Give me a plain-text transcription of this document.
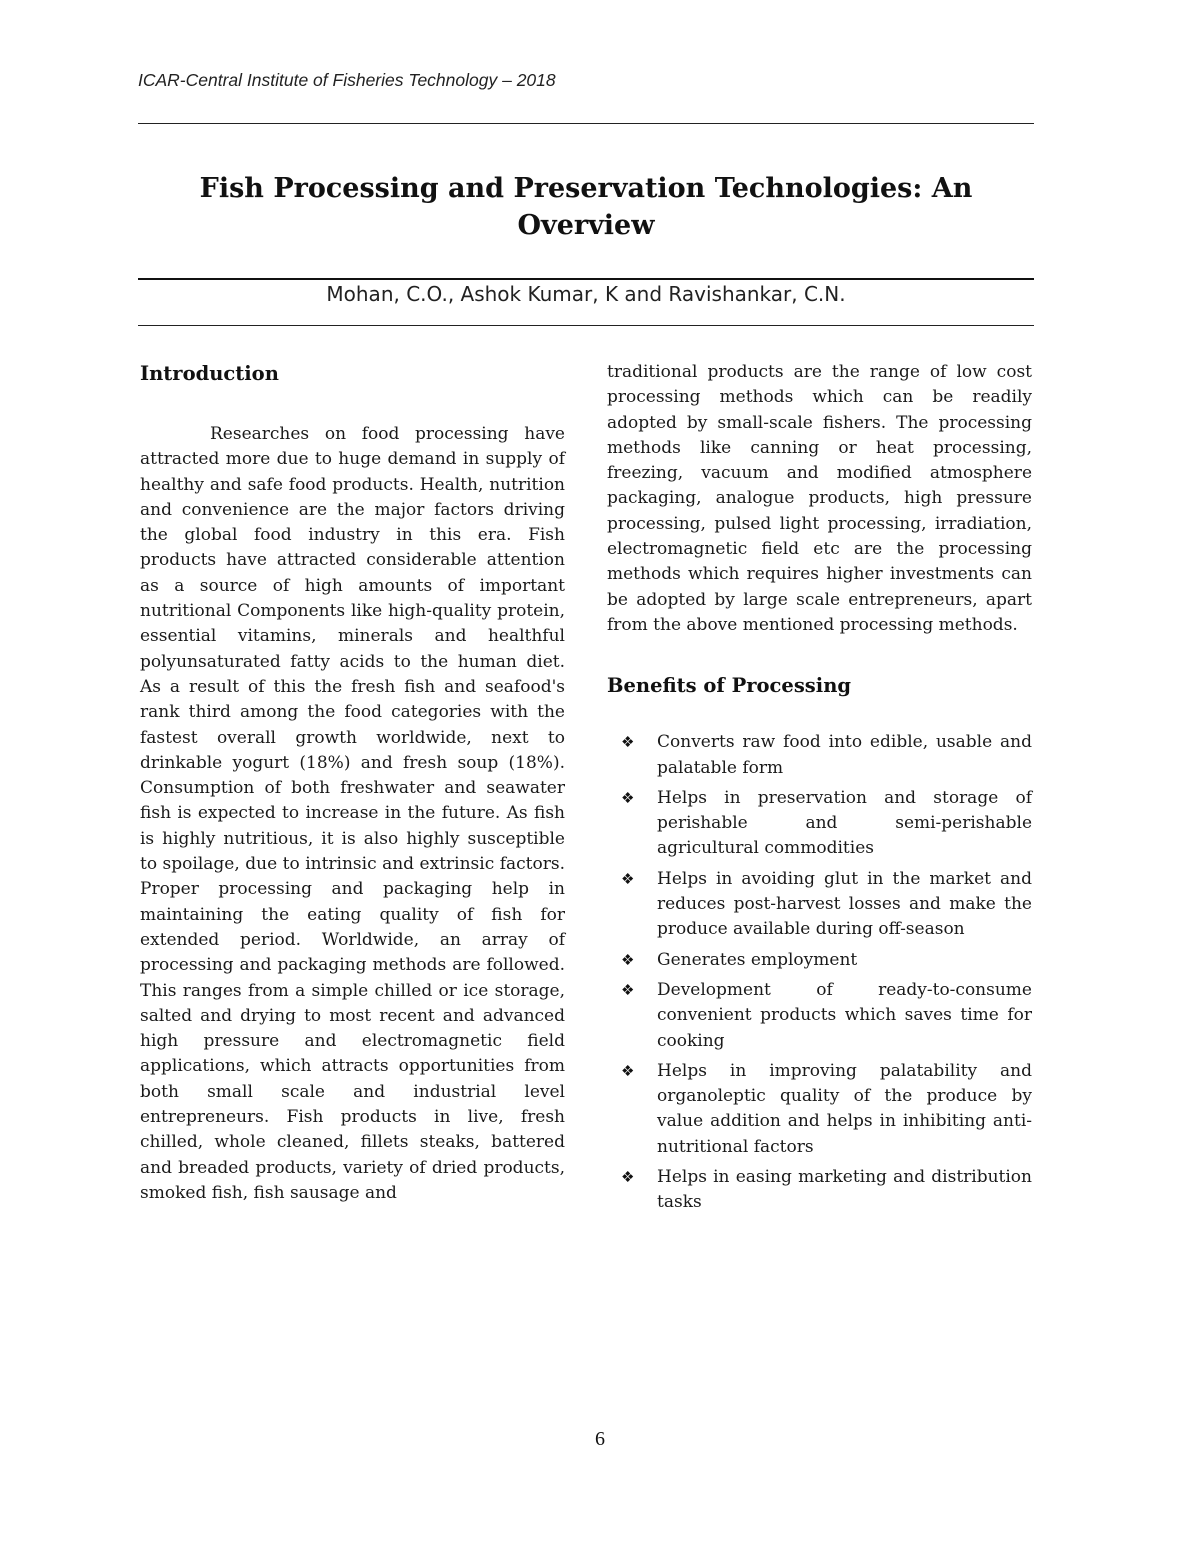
ICAR-Central Institute of Fisheries Technology – 2018
Fish Processing and Preservation Technologies: An Overview
Mohan, C.O., Ashok Kumar, K and Ravishankar, C.N.
Introduction

Researches on food processing have attracted more due to huge demand in supply of healthy and safe food products. Health, nutrition and convenience are the major factors driving the global food industry in this era. Fish products have attracted considerable attention as a source of high amounts of important nutritional Components like high-quality protein, essential vitamins, minerals and healthful polyunsaturated fatty acids to the human diet. As a result of this the fresh fish and seafood's rank third among the food categories with the fastest overall growth worldwide, next to drinkable yogurt (18%) and fresh soup (18%). Consumption of both freshwater and seawater fish is expected to increase in the future. As fish is highly nutritious, it is also highly susceptible to spoilage, due to intrinsic and extrinsic factors. Proper processing and packaging help in maintaining the eating quality of fish for extended period. Worldwide, an array of processing and packaging methods are followed. This ranges from a simple chilled or ice storage, salted and drying to most recent and advanced high pressure and electromagnetic field applications, which attracts opportunities from both small scale and industrial level entrepreneurs. Fish products in live, fresh chilled, whole cleaned, fillets steaks, battered and breaded products, variety of dried products, smoked fish, fish sausage and

traditional products are the range of low cost processing methods which can be readily adopted by small-scale fishers. The processing methods like canning or heat processing, freezing, vacuum and modified atmosphere packaging, analogue products, high pressure processing, pulsed light processing, irradiation, electromagnetic field etc are the processing methods which requires higher investments can be adopted by large scale entrepreneurs, apart from the above mentioned processing methods.

Benefits of Processing
❖ Converts raw food into edible, usable and palatable form
❖ Helps in preservation and storage of perishable and semi-perishable agricultural commodities
❖ Helps in avoiding glut in the market and reduces post-harvest losses and make the produce available during off-season
❖ Generates employment
❖ Development of ready-to-consume convenient products which saves time for cooking
❖ Helps in improving palatability and organoleptic quality of the produce by value addition and helps in inhibiting anti-nutritional factors
❖ Helps in easing marketing and distribution tasks
6
